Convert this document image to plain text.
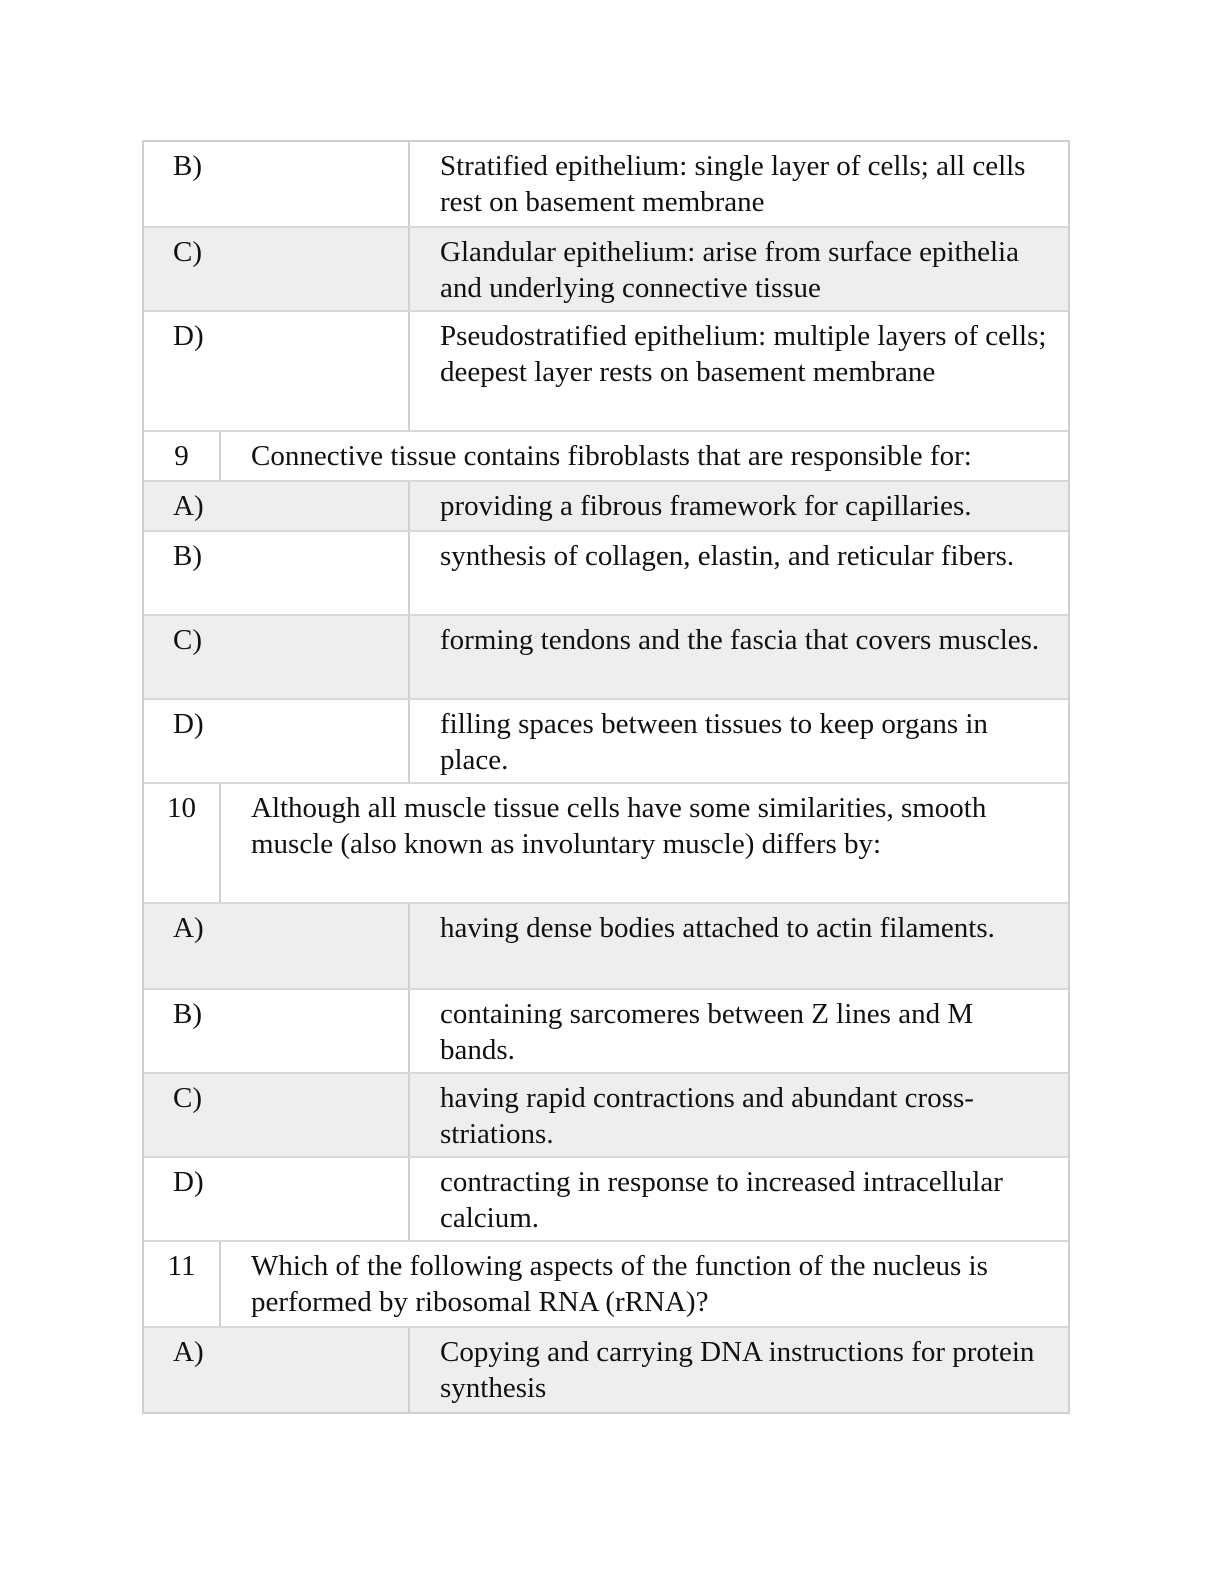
B)	Stratified epithelium: single layer of cells; all cells rest on basement membrane
C)	Glandular epithelium: arise from surface epithelia and underlying connective tissue
D)	Pseudostratified epithelium: multiple layers of cells; deepest layer rests on basement membrane
9	Connective tissue contains fibroblasts that are responsible for:
A)	providing a fibrous framework for capillaries.
B)	synthesis of collagen, elastin, and reticular fibers.
C)	forming tendons and the fascia that covers muscles.
D)	filling spaces between tissues to keep organs in place.
10	Although all muscle tissue cells have some similarities, smooth muscle (also known as involuntary muscle) differs by:
A)	having dense bodies attached to actin filaments.
B)	containing sarcomeres between Z lines and M bands.
C)	having rapid contractions and abundant cross-striations.
D)	contracting in response to increased intracellular calcium.
11	Which of the following aspects of the function of the nucleus is performed by ribosomal RNA (rRNA)?
A)	Copying and carrying DNA instructions for protein synthesis
